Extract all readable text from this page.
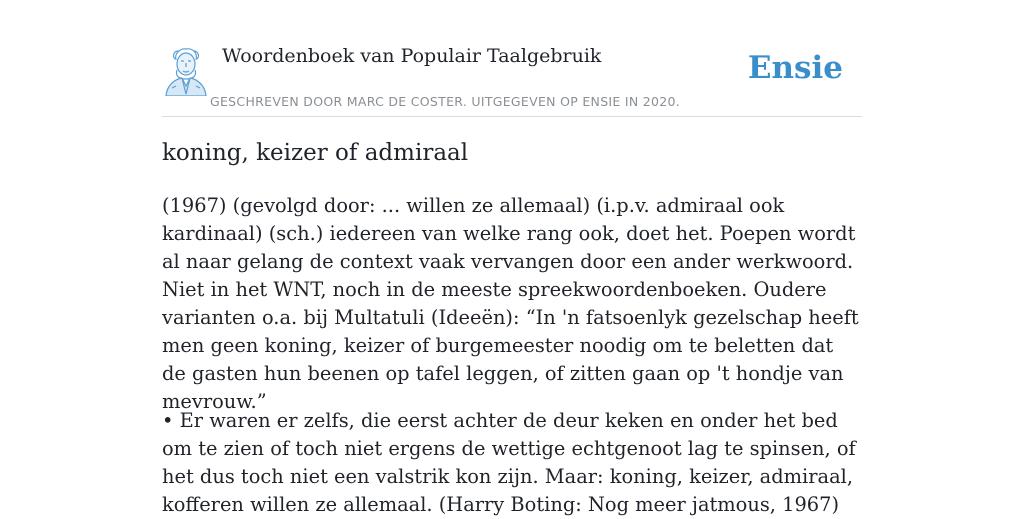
Woordenboek van Populair Taalgebruik
GESCHREVEN DOOR MARC DE COSTER. UITGEGEVEN OP ENSIE IN 2020.
Ensie
koning, keizer of admiraal

(1967) (gevolgd door: ... willen ze allemaal) (i.p.v. admiraal ook kardinaal) (sch.) iedereen van welke rang ook, doet het. Poepen wordt al naar gelang de context vaak vervangen door een ander werkwoord. Niet in het WNT, noch in de meeste spreekwoordenboeken. Oudere varianten o.a. bij Multatuli (Ideeën): “In 'n fatsoenlyk gezelschap heeft men geen koning, keizer of burgemeester noodig om te beletten dat de gasten hun beenen op tafel leggen, of zitten gaan op 't hondje van mevrouw.”

• Er waren er zelfs, die eerst achter de deur keken en onder het bed om te zien of toch niet ergens de wettige echtgenoot lag te spinsen, of het dus toch niet een valstrik kon zijn. Maar: koning, keizer, admiraal, kofferen willen ze allemaal. (Harry Boting: Nog meer jatmous, 1967)
